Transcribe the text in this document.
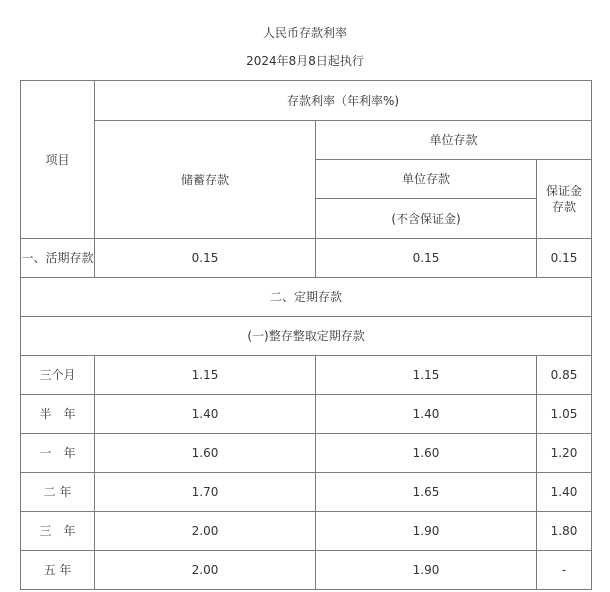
人民币存款利率
2024年8月8日起执行
项目	存款利率（年利率%)		
	储蓄存款	单位存款	
		单位存款	保证金存款

		(不含保证金)	
一、活期存款	0.15	0.15	0.15
二、定期存款			
(一)整存整取定期存款			
三个月	1.15	1.15	0.85
半　年	1.40	1.40	1.05
一　年	1.60	1.60	1.20
二 年	1.70	1.65	1.40
三　年	2.00	1.90	1.80
五 年	2.00	1.90	-
